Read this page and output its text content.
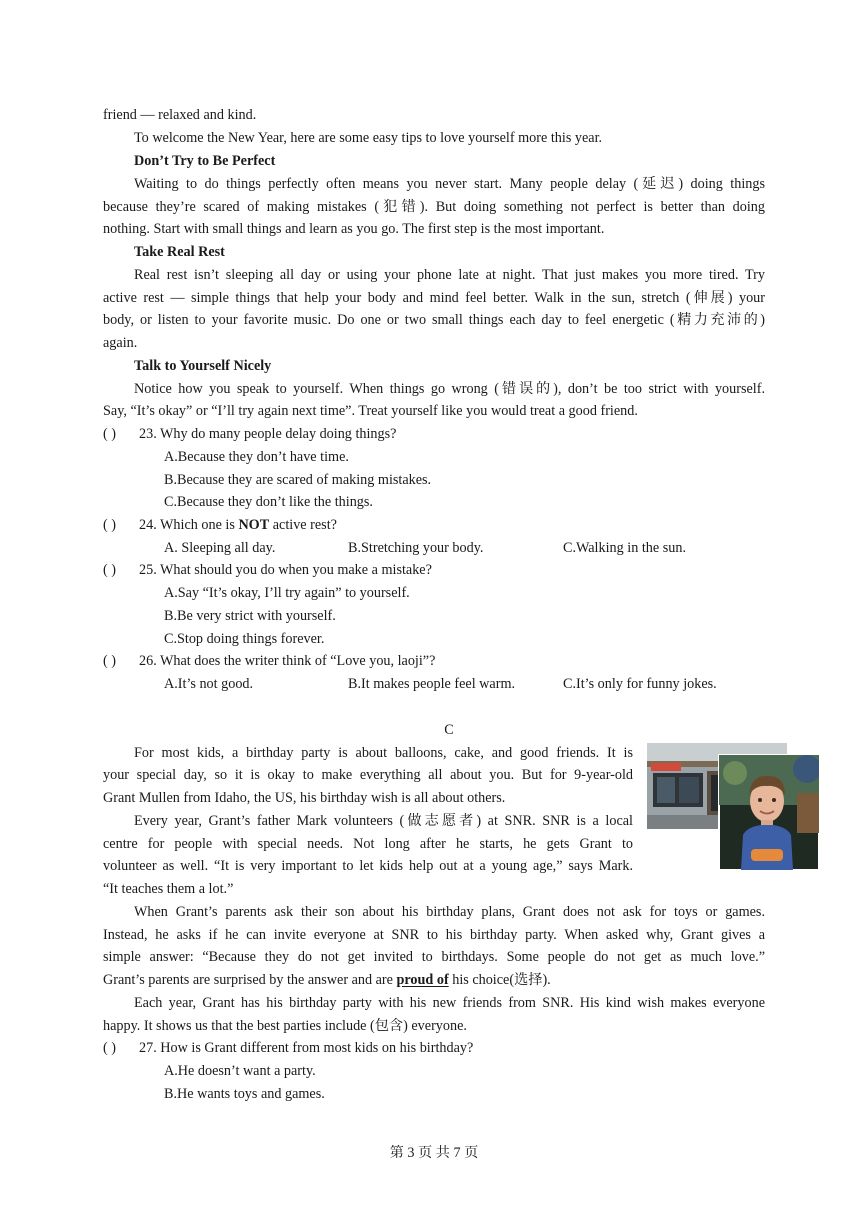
friend — relaxed and kind.
To welcome the New Year, here are some easy tips to love yourself more this year.
Don’t Try to Be Perfect
Waiting to do things perfectly often means you never start. Many people delay (延迟) doing things
because they’re scared of making mistakes (犯错). But doing something not perfect is better than doing
nothing. Start with small things and learn as you go. The first step is the most important.
Take Real Rest
Real rest isn’t sleeping all day or using your phone late at night. That just makes you more tired. Try
active rest — simple things that help your body and mind feel better. Walk in the sun, stretch (伸展) your
body, or listen to your favorite music. Do one or two small things each day to feel energetic (精力充沛的)
again.
Talk to Yourself Nicely
Notice how you speak to yourself. When things go wrong (错误的), don’t be too strict with yourself.
Say, “It’s okay” or “I’ll try again next time”. Treat yourself like you would treat a good friend.
( ) 23. Why do many people delay doing things?
A.Because they don’t have time.
B.Because they are scared of making mistakes.
C.Because they don’t like the things.
( ) 24. Which one is NOT active rest?
A. Sleeping all day.	B.Stretching your body.	C.Walking in the sun.
( ) 25. What should you do when you make a mistake?
A.Say “It’s okay, I’ll try again” to yourself.
B.Be very strict with yourself.
C.Stop doing things forever.
( ) 26. What does the writer think of “Love you, laoji”?
A.It’s not good.	B.It makes people feel warm.	C.It’s only for funny jokes.
C
For most kids, a birthday party is about balloons, cake, and good friends. It is
your special day, so it is okay to make everything all about you. But for 9-year-old
Grant Mullen from Idaho, the US, his birthday wish is all about others.
Every year, Grant’s father Mark volunteers (做志愿者) at SNR. SNR is a local
centre for people with special needs. Not long after he starts, he gets Grant to
volunteer as well. “It is very important to let kids help out at a young age,” says Mark.
“It teaches them a lot.”
When Grant’s parents ask their son about his birthday plans, Grant does not ask for toys or games.
Instead, he asks if he can invite everyone at SNR to his birthday party. When asked why, Grant gives a
simple answer: “Because they do not get invited to birthdays. Some people do not get as much love.”
Grant’s parents are surprised by the answer and are proud of his choice(选择).
Each year, Grant has his birthday party with his new friends from SNR. His kind wish makes everyone
happy. It shows us that the best parties include (包含) everyone.
( ) 27. How is Grant different from most kids on his birthday?
A.He doesn’t want a party.
B.He wants toys and games.
第 3 页 共 7 页
